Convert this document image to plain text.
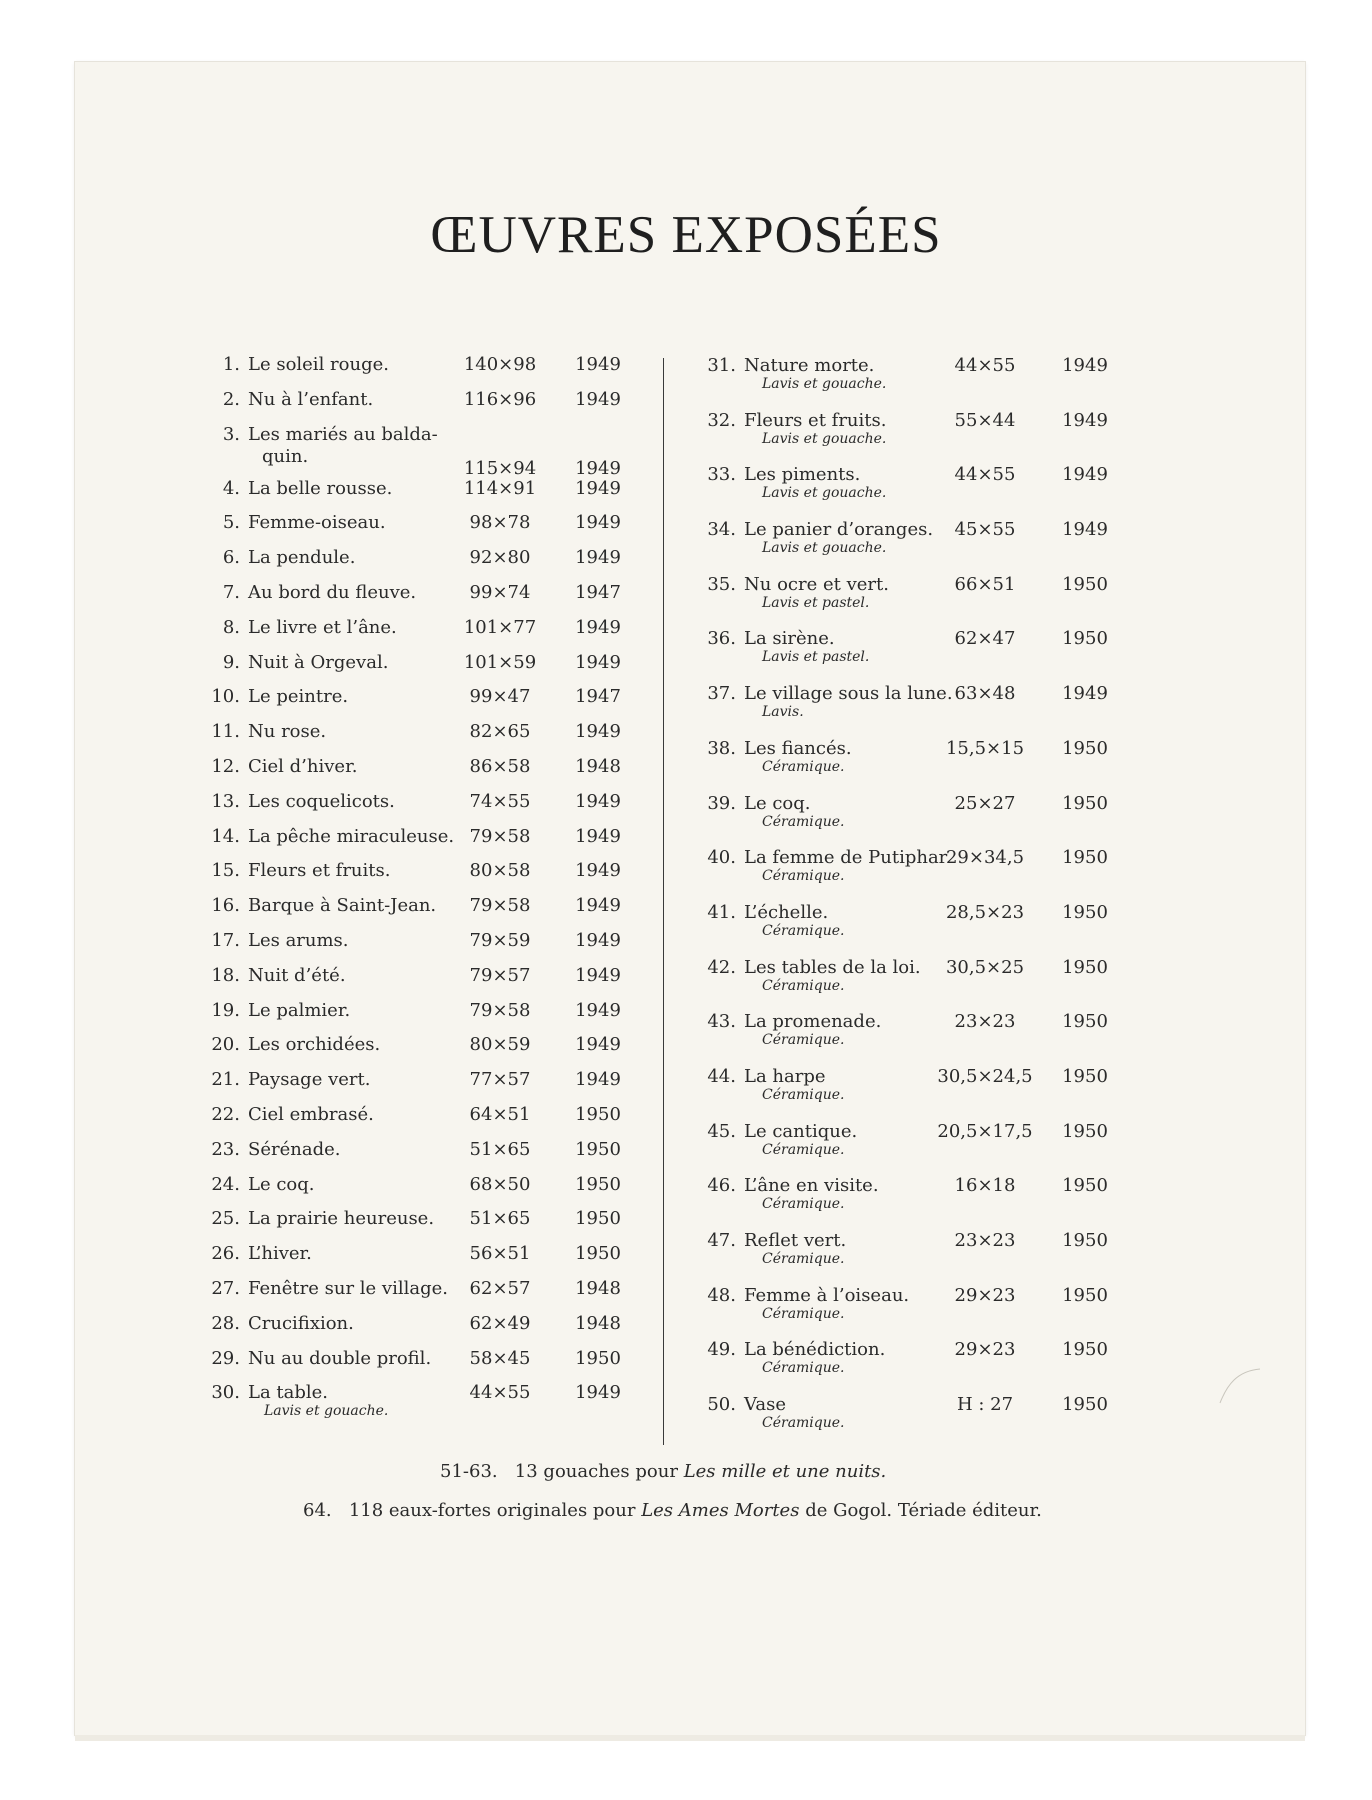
ŒUVRES EXPOSÉES
1. Le soleil rouge.	140×98	1949
2. Nu à l’enfant.	116×96	1949
3. Les mariés au balda-
quin.
115×94	1949
4. La belle rousse.	114×91	1949
5. Femme-oiseau.	98×78	1949
6. La pendule.	92×80	1949
7. Au bord du fleuve.	99×74	1947
8. Le livre et l’âne.	101×77	1949
9. Nuit à Orgeval.	101×59	1949
10. Le peintre.	99×47	1947
11. Nu rose.	82×65	1949
12. Ciel d’hiver.	86×58	1948
13. Les coquelicots.	74×55	1949
14. La pêche miraculeuse. 79×58	1949
15. Fleurs et fruits.	80×58	1949
16. Barque à Saint-Jean.	79×58	1949
17. Les arums.	79×59	1949
18. Nuit d’été.	79×57	1949
19. Le palmier.	79×58	1949
20. Les orchidées.	80×59	1949
21. Paysage vert.	77×57	1949
22. Ciel embrasé.	64×51	1950
23. Sérénade.	51×65	1950
24. Le coq.	68×50	1950
25. La prairie heureuse.	51×65	1950
26. L’hiver.	56×51	1950
27. Fenêtre sur le village.	62×57	1948
28. Crucifixion.	62×49	1948
29. Nu au double profil.	58×45	1950
30. La table.
Lavis et gouache.
44×55	1949
31. Nature morte.
Lavis et gouache.
44×55	1949
32. Fleurs et fruits.
Lavis et gouache.
55×44	1949
33. Les piments.
Lavis et gouache.
44×55	1949
34. Le panier d’oranges.
Lavis et gouache.
45×55	1949
35. Nu ocre et vert.
Lavis et pastel.
66×51	1950
36. La sirène.
Lavis et pastel.
62×47	1950
37. Le village sous la lune.
Lavis.
63×48	1949
38. Les fiancés.
Céramique.
15,5×15	1950
39. Le coq.
Céramique.
25×27	1950
40. La femme de Putiphar
Céramique.
29×34,5	1950
41. L’échelle.
Céramique.
28,5×23	1950
42. Les tables de la loi.
Céramique.
30,5×25	1950
43. La promenade.
Céramique.
23×23	1950
44. La harpe
Céramique.
30,5×24,5	1950
45. Le cantique.
Céramique.
20,5×17,5	1950
46. L’âne en visite.
Céramique.
16×18	1950
47. Reflet vert.
Céramique.
23×23	1950
48. Femme à l’oiseau.
Céramique.
29×23	1950
49. La bénédiction.
Céramique.
29×23	1950
50. Vase
Céramique.
H : 27	1950
51-63. 13 gouaches pour Les mille et une nuits.
64. 118 eaux-fortes originales pour Les Ames Mortes de Gogol. Tériade éditeur.
